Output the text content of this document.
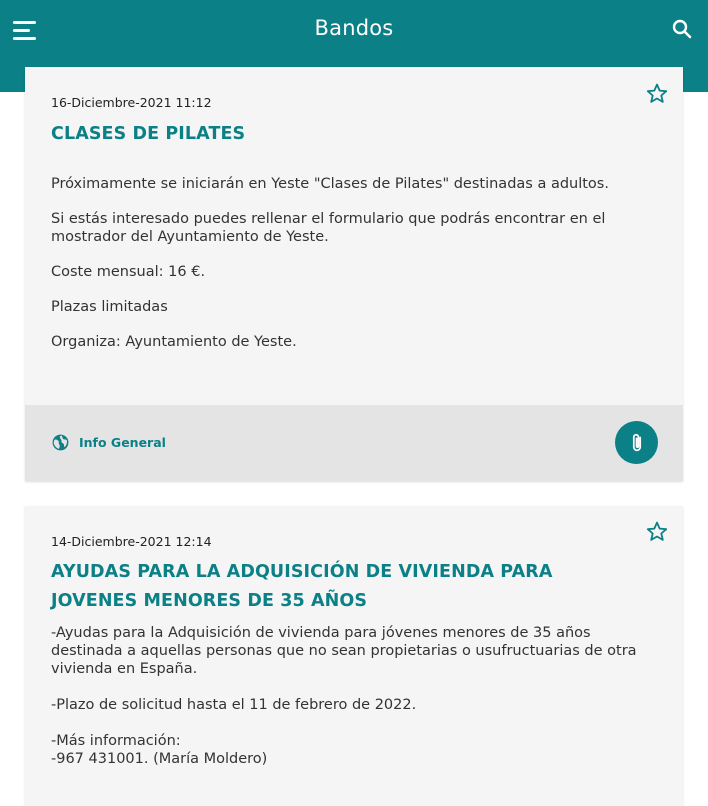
Bandos
16-Diciembre-2021 11:12
CLASES DE PILATES

Próximamente se iniciarán en Yeste "Clases de Pilates" destinadas a adultos.

Si estás interesado puedes rellenar el formulario que podrás encontrar en el mostrador del Ayuntamiento de Yeste.

Coste mensual: 16 €.

Plazas limitadas

Organiza: Ayuntamiento de Yeste.

Info General
14-Diciembre-2021 12:14
AYUDAS PARA LA ADQUISICIÓN DE VIVIENDA PARA JOVENES MENORES DE 35 AÑOS

-Ayudas para la Adquisición de vivienda para jóvenes menores de 35 años destinada a aquellas personas que no sean propietarias o usufructuarias de otra vivienda en España.

-Plazo de solicitud hasta el 11 de febrero de 2022.

-Más información:
-967 431001. (María Moldero)
